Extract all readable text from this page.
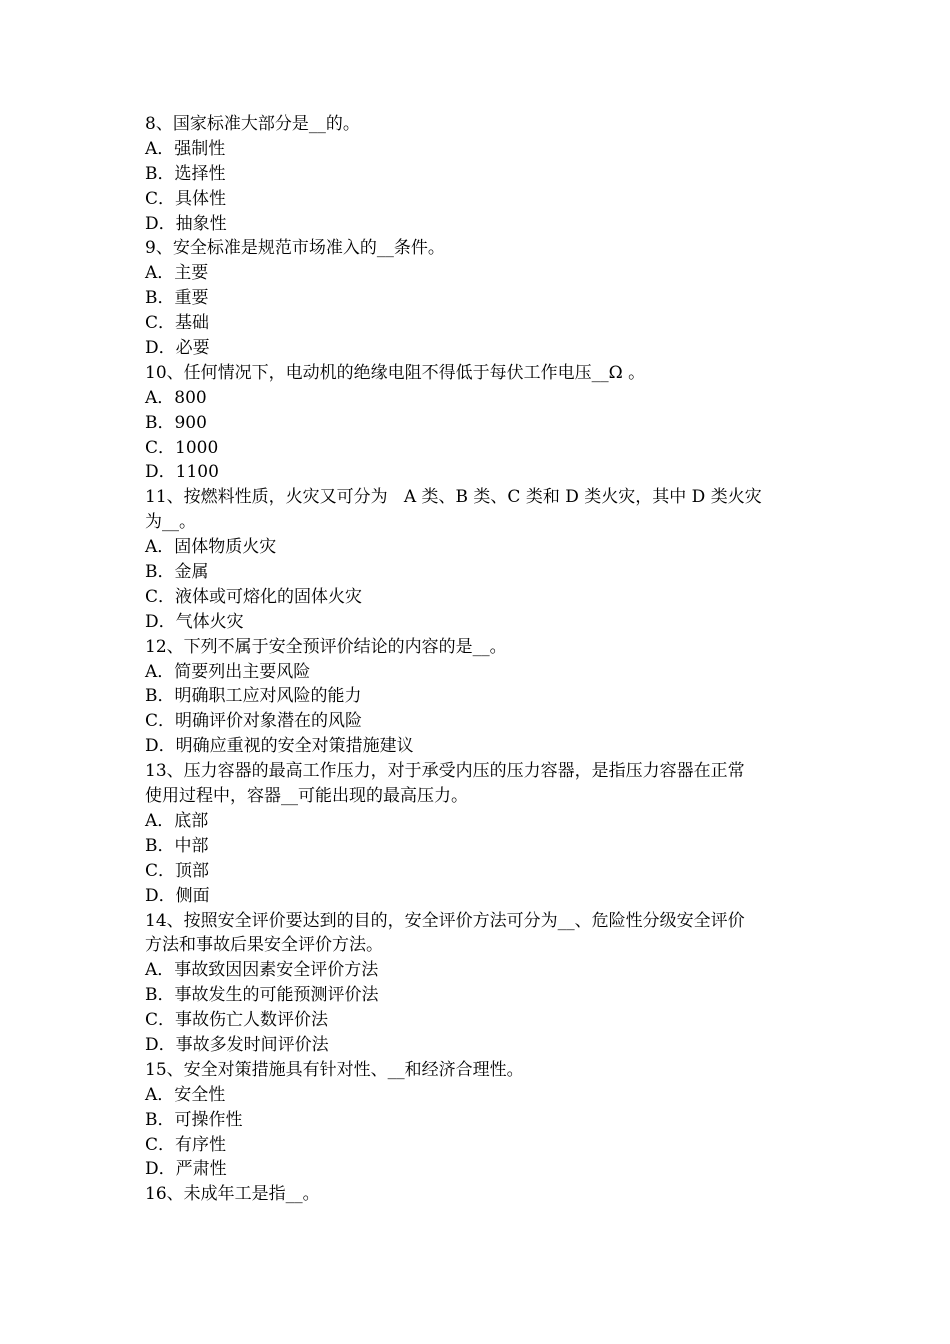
8、国家标准大部分是__的。
A．强制性
B．选择性
C．具体性
D．抽象性
9、安全标准是规范市场准入的__条件。
A．主要
B．重要
C．基础
D．必要
10、任何情况下，电动机的绝缘电阻不得低于每伏工作电压__Ω 。
A．800
B．900
C．1000
D．1100
11、按燃料性质，火灾又可分为   A 类、B 类、C 类和 D 类火灾，其中 D 类火灾
为__。
A．固体物质火灾
B．金属
C．液体或可熔化的固体火灾
D．气体火灾
12、下列不属于安全预评价结论的内容的是__。
A．简要列出主要风险
B．明确职工应对风险的能力
C．明确评价对象潜在的风险
D．明确应重视的安全对策措施建议
13、压力容器的最高工作压力，对于承受内压的压力容器，是指压力容器在正常
使用过程中，容器__可能出现的最高压力。
A．底部
B．中部
C．顶部
D．侧面
14、按照安全评价要达到的目的，安全评价方法可分为__、危险性分级安全评价
方法和事故后果安全评价方法。
A．事故致因因素安全评价方法
B．事故发生的可能预测评价法
C．事故伤亡人数评价法
D．事故多发时间评价法
15、安全对策措施具有针对性、__和经济合理性。
A．安全性
B．可操作性
C．有序性
D．严肃性
16、未成年工是指__。
